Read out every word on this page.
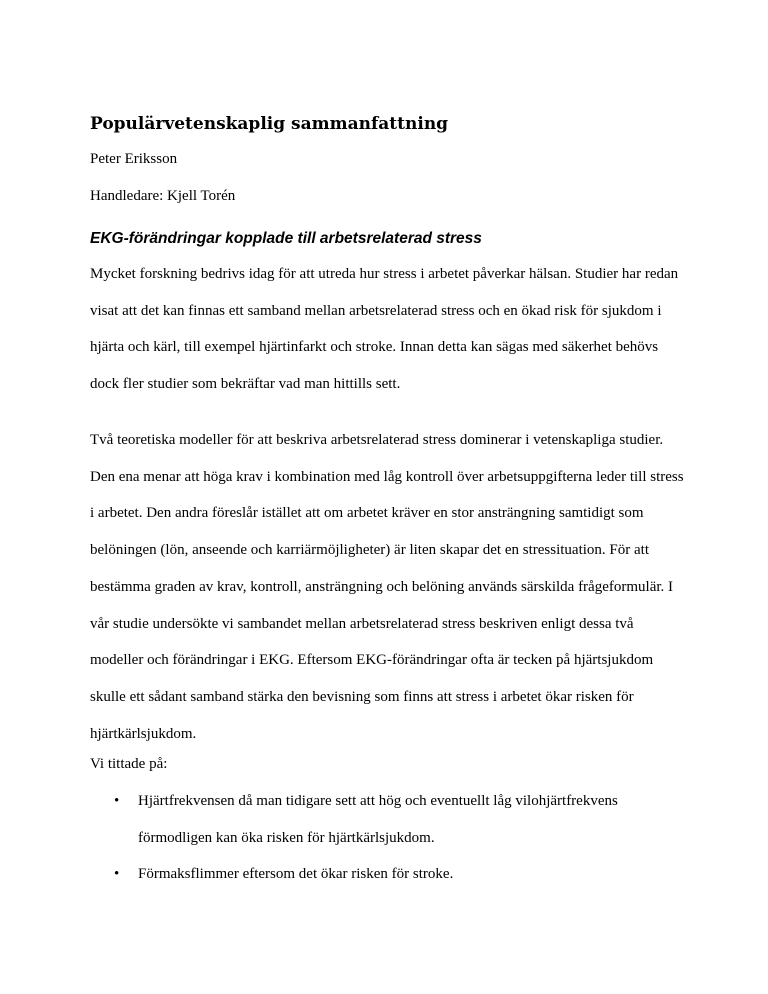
Populärvetenskaplig sammanfattning

Peter Eriksson

Handledare: Kjell Torén

EKG-förändringar kopplade till arbetsrelaterad stress

Mycket forskning bedrivs idag för att utreda hur stress i arbetet påverkar hälsan. Studier har redan visat att det kan finnas ett samband mellan arbetsrelaterad stress och en ökad risk för sjukdom i hjärta och kärl, till exempel hjärtinfarkt och stroke. Innan detta kan sägas med säkerhet behövs dock fler studier som bekräftar vad man hittills sett.

Två teoretiska modeller för att beskriva arbetsrelaterad stress dominerar i vetenskapliga studier. Den ena menar att höga krav i kombination med låg kontroll över arbetsuppgifterna leder till stress i arbetet. Den andra föreslår istället att om arbetet kräver en stor ansträngning samtidigt som belöningen (lön, anseende och karriärmöjligheter) är liten skapar det en stressituation. För att bestämma graden av krav, kontroll, ansträngning och belöning används särskilda frågeformulär. I vår studie undersökte vi sambandet mellan arbetsrelaterad stress beskriven enligt dessa två modeller och förändringar i EKG. Eftersom EKG-förändringar ofta är tecken på hjärtsjukdom skulle ett sådant samband stärka den bevisning som finns att stress i arbetet ökar risken för hjärtkärlsjukdom.

Vi tittade på:

• Hjärtfrekvensen då man tidigare sett att hög och eventuellt låg vilohjärtfrekvens förmodligen kan öka risken för hjärtkärlsjukdom.
• Förmaksflimmer eftersom det ökar risken för stroke.
